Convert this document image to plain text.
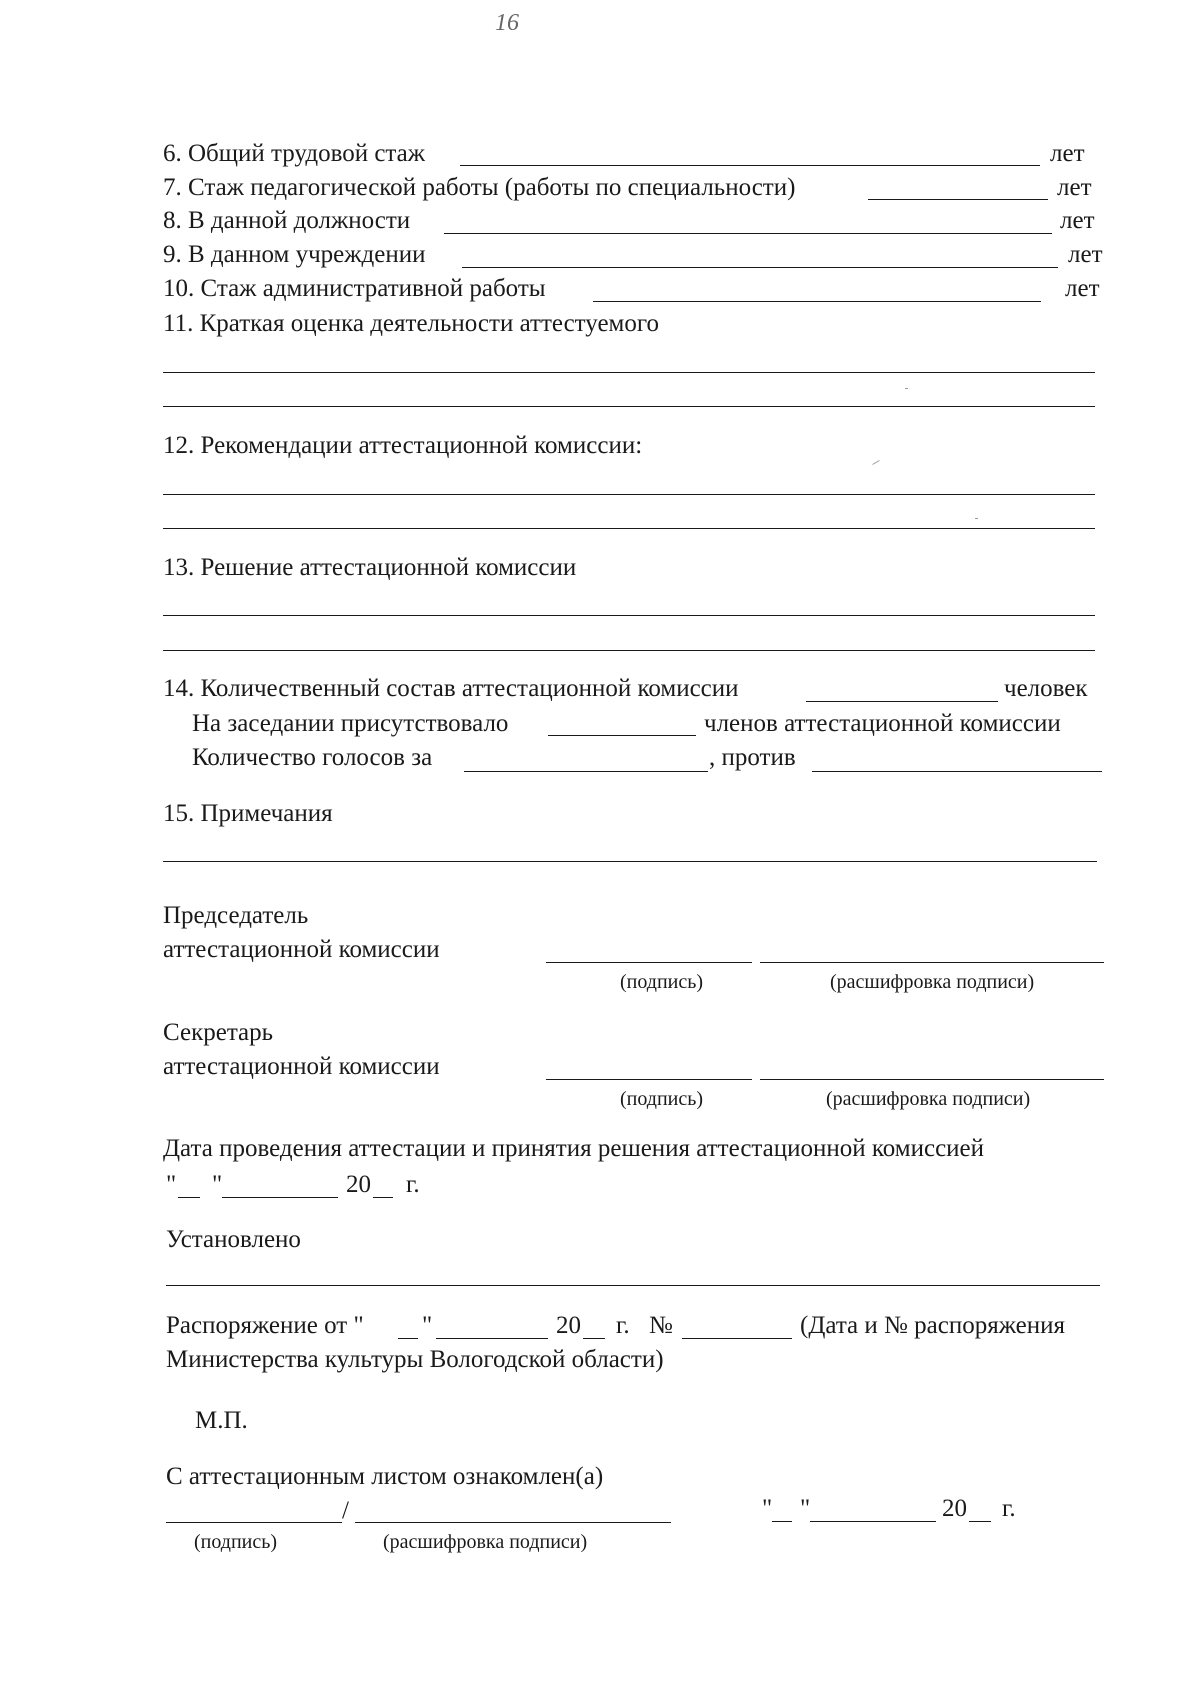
16
6. Общий трудовой стаж	лет
7. Стаж педагогической работы (работы по специальности)	лет
8. В данной должности	лет
9. В данном учреждении	лет
10. Стаж административной работы	лет
11. Краткая оценка деятельности аттестуемого
12. Рекомендации аттестационной комиссии:
13. Решение аттестационной комиссии
14. Количественный состав аттестационной комиссии	человек
На заседании присутствовало	членов аттестационной комиссии
Количество голосов за	, против
15. Примечания
Председатель
аттестационной комиссии
(подпись)	(расшифровка подписи)
Секретарь
аттестационной комиссии
(подпись)	(расшифровка подписи)
Дата проведения аттестации и принятия решения аттестационной комиссией
" "	20 г.
Установлено
Распоряжение от " "	20 г. №	(Дата и № распоряжения
Министерства культуры Вологодской области)
М.П.
С аттестационным листом ознакомлен(а)
/
(подпись)	(расшифровка подписи)
" "	20 г.
